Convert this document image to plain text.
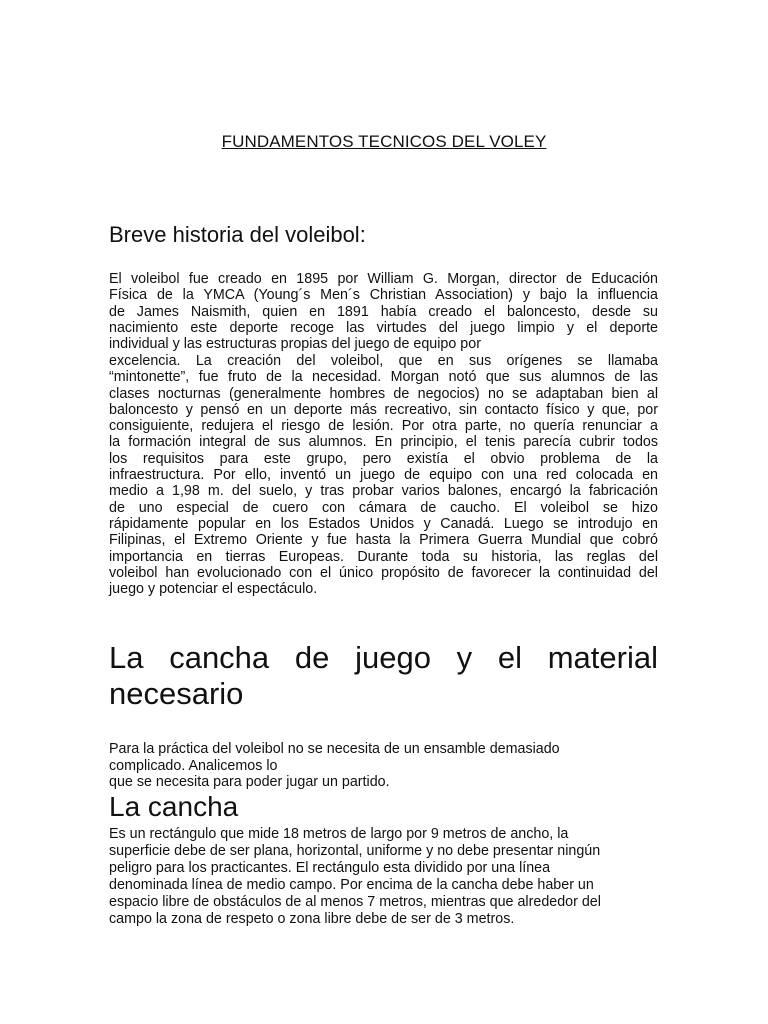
FUNDAMENTOS TECNICOS DEL VOLEY
Breve historia del voleibol:

El voleibol fue creado en 1895 por William G. Morgan, director de Educación
Física de la YMCA (Young´s Men´s Christian Association) y bajo la influencia
de James Naismith, quien en 1891 había creado el baloncesto, desde su
nacimiento este deporte recoge las virtudes del juego limpio y el deporte
individual y las estructuras propias del juego de equipo por

excelencia. La creación del voleibol, que en sus orígenes se llamaba
“mintonette”, fue fruto de la necesidad. Morgan notó que sus alumnos de las
clases nocturnas (generalmente hombres de negocios) no se adaptaban bien al
baloncesto y pensó en un deporte más recreativo, sin contacto físico y que, por
consiguiente, redujera el riesgo de lesión. Por otra parte, no quería renunciar a
la formación integral de sus alumnos. En principio, el tenis parecía cubrir todos
los requisitos para este grupo, pero existía el obvio problema de la
infraestructura. Por ello, inventó un juego de equipo con una red colocada en
medio a 1,98 m. del suelo, y tras probar varios balones, encargó la fabricación
de uno especial de cuero con cámara de caucho. El voleibol se hizo
rápidamente popular en los Estados Unidos y Canadá. Luego se introdujo en
Filipinas, el Extremo Oriente y fue hasta la Primera Guerra Mundial que cobró
importancia en tierras Europeas. Durante toda su historia, las reglas del
voleibol han evolucionado con el único propósito de favorecer la continuidad del
juego y potenciar el espectáculo.

La cancha de juego y el material
necesario

Para la práctica del voleibol no se necesita de un ensamble demasiado
complicado. Analicemos lo
que se necesita para poder jugar un partido.

La cancha

Es un rectángulo que mide 18 metros de largo por 9 metros de ancho, la
superficie debe de ser plana, horizontal, uniforme y no debe presentar ningún
peligro para los practicantes. El rectángulo esta dividido por una línea
denominada línea de medio campo. Por encima de la cancha debe haber un
espacio libre de obstáculos de al menos 7 metros, mientras que alrededor del
campo la zona de respeto o zona libre debe de ser de 3 metros.
